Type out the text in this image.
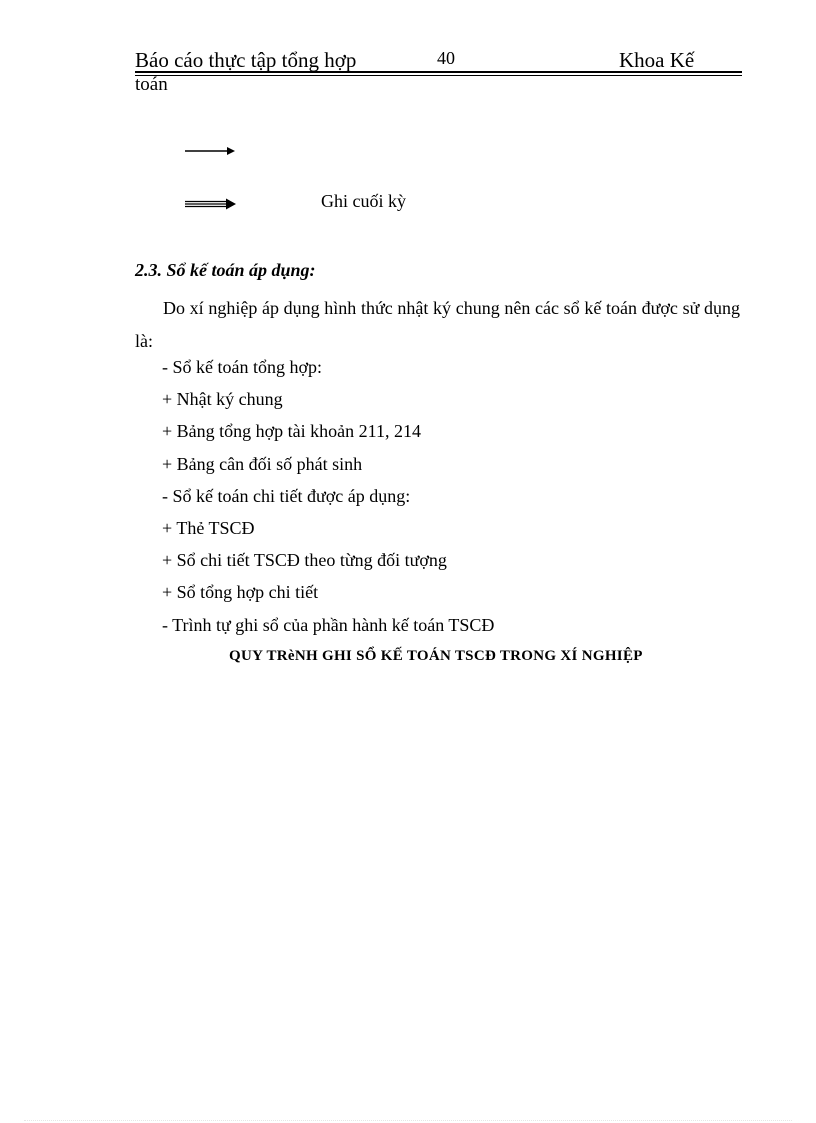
Báo cáo thực tập tổng hợp	40	Khoa Kế
toán
Ghi cuối kỳ
2.3. Sổ kế toán áp dụng:
Do xí nghiệp áp dụng hình thức nhật ký chung nên các sổ kế toán được sử dụng là:
- Sổ kế toán tổng hợp:
+ Nhật ký chung
+ Bảng tổng hợp tài khoản 211, 214
+ Bảng cân đối số phát sinh
- Sổ kế toán chi tiết được áp dụng:
+ Thẻ TSCĐ
+ Sổ chi tiết TSCĐ theo từng đối tượng
+ Sổ tổng hợp chi tiết
- Trình tự ghi sổ của phần hành kế toán TSCĐ
QUY TRèNH GHI SỔ KẾ TOÁN TSCĐ TRONG XÍ NGHIỆP
